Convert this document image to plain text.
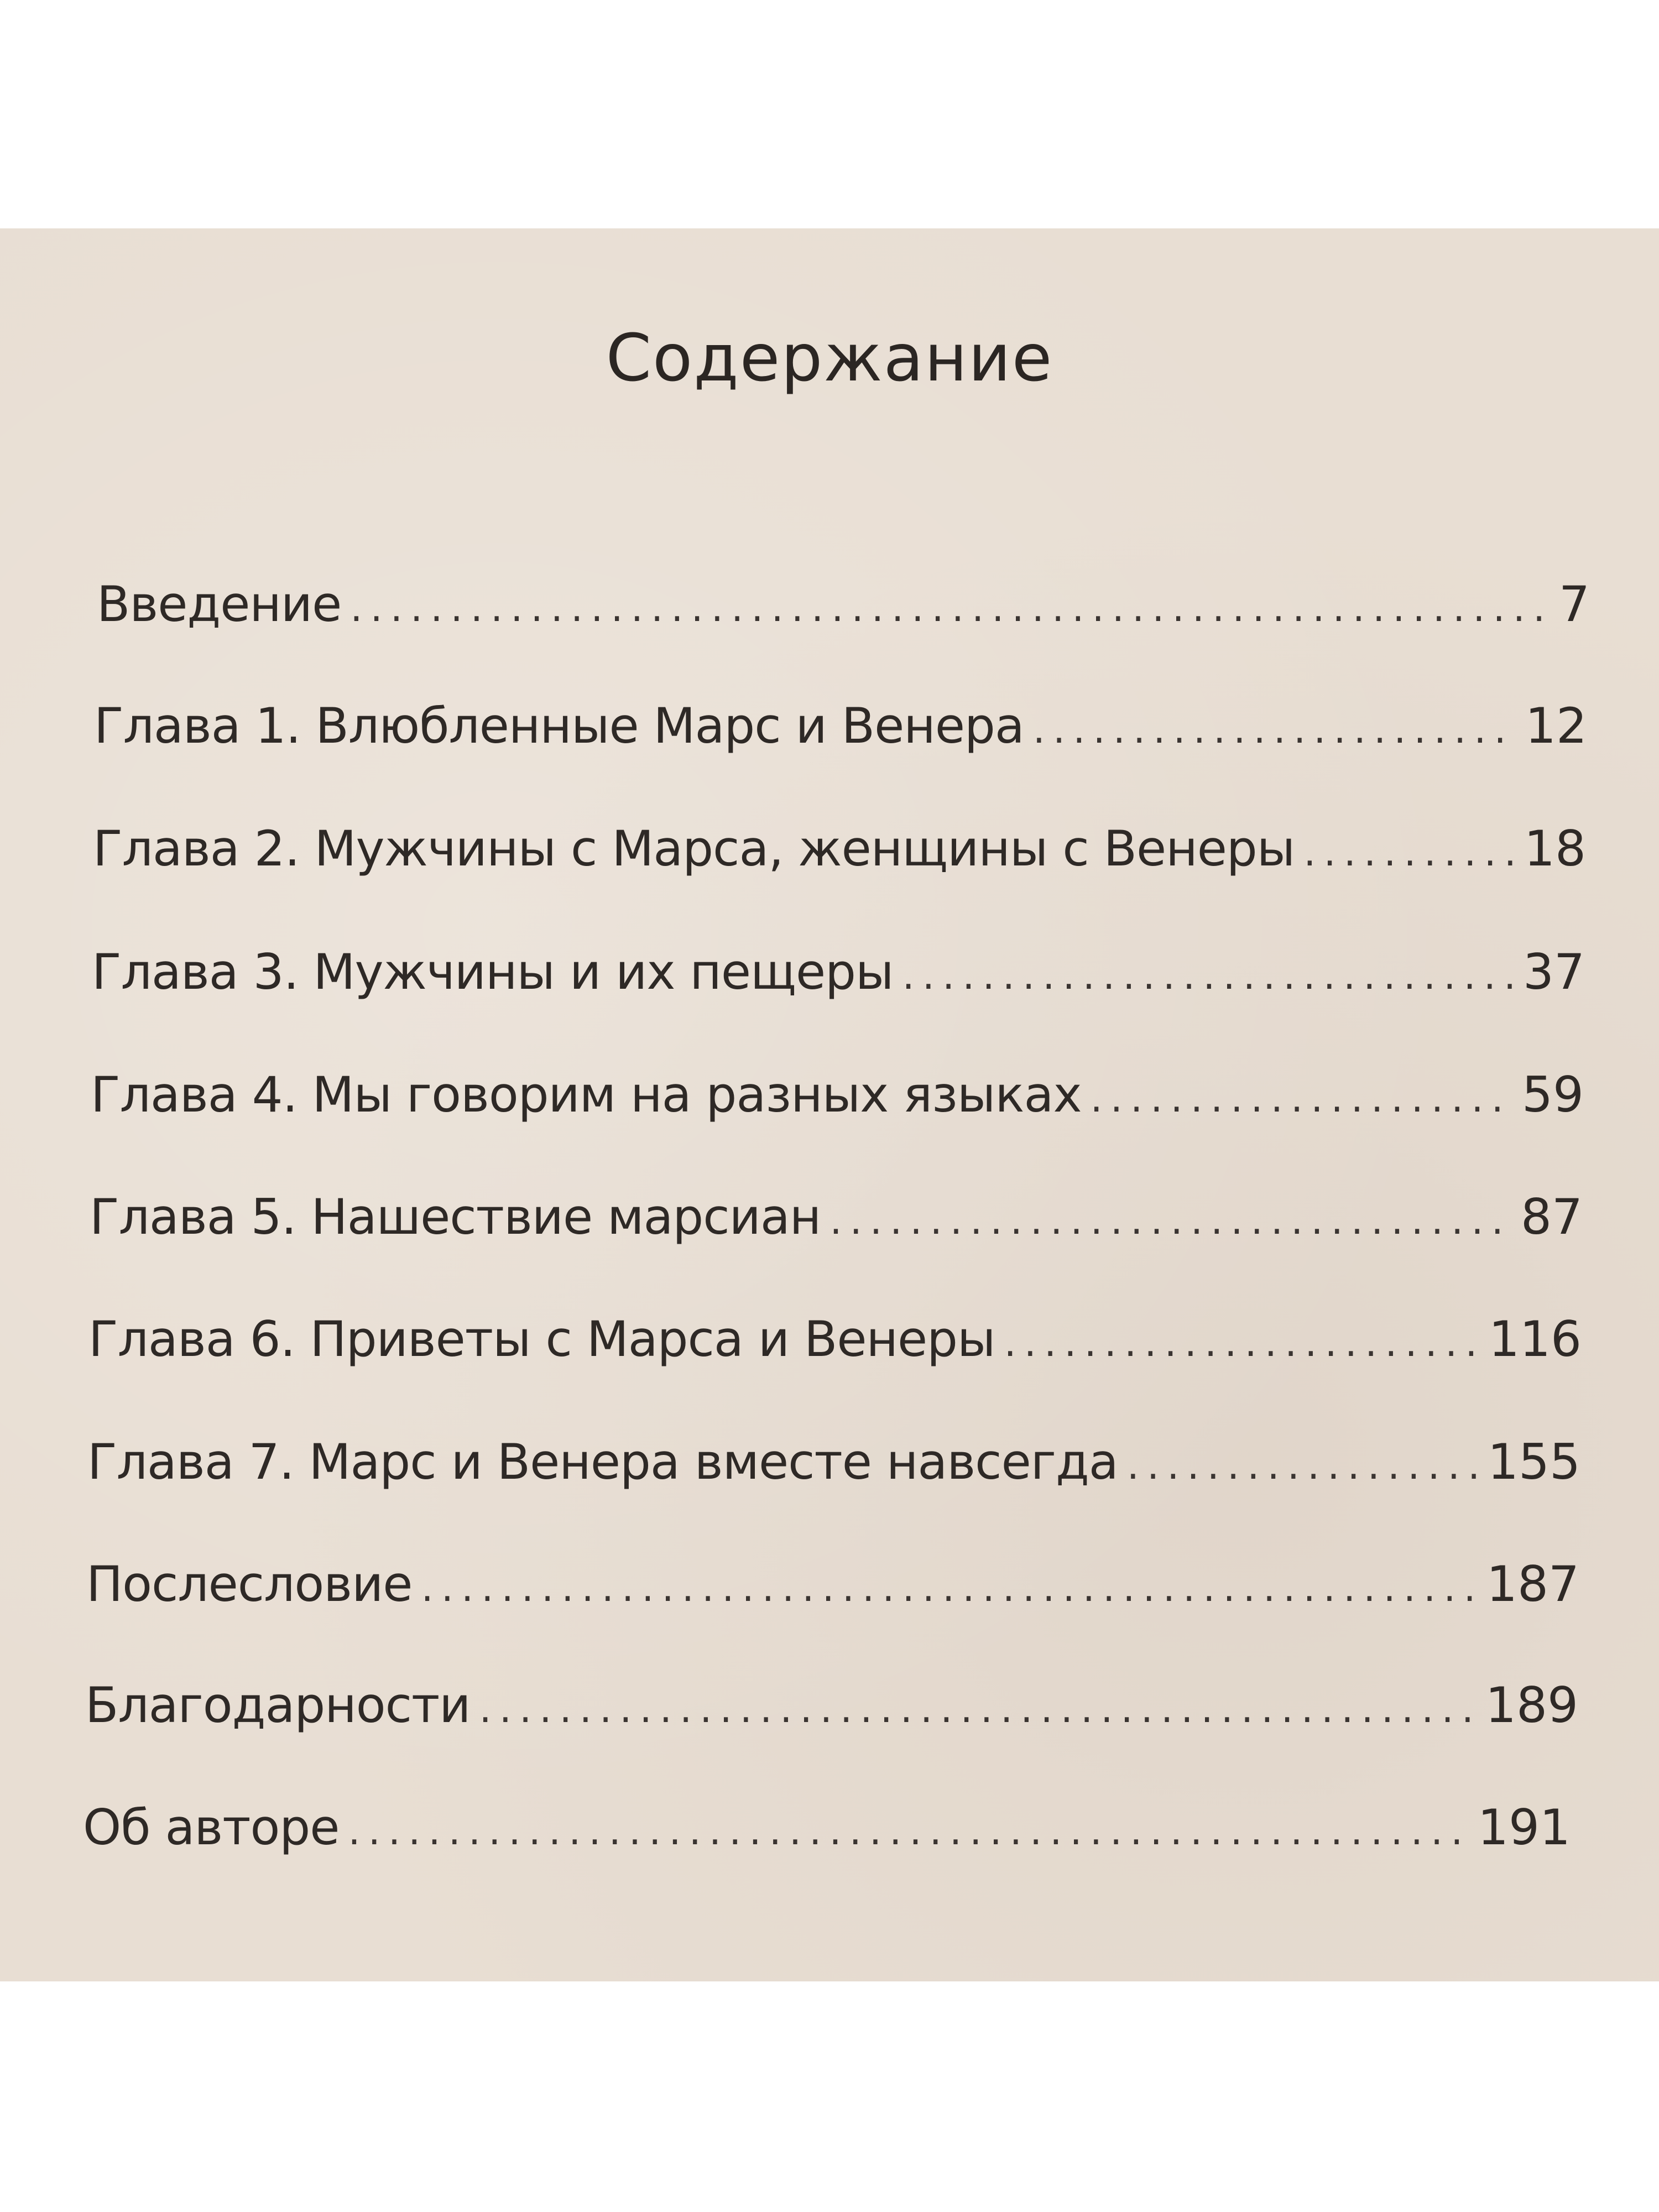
Содержание
Введение .....	7
Глава 1. Влюбленные Марс и Венера .....	12
Глава 2. Мужчины с Марса, женщины с Венеры .....	18
Глава 3. Мужчины и их пещеры .....	37
Глава 4. Мы говорим на разных языках .....	59
Глава 5. Нашествие марсиан .....	87
Глава 6. Приветы с Марса и Венеры .....	116
Глава 7. Марс и Венера вместе навсегда .....	155
Послесловие .....	187
Благодарности .....	189
Об авторе .....	191
